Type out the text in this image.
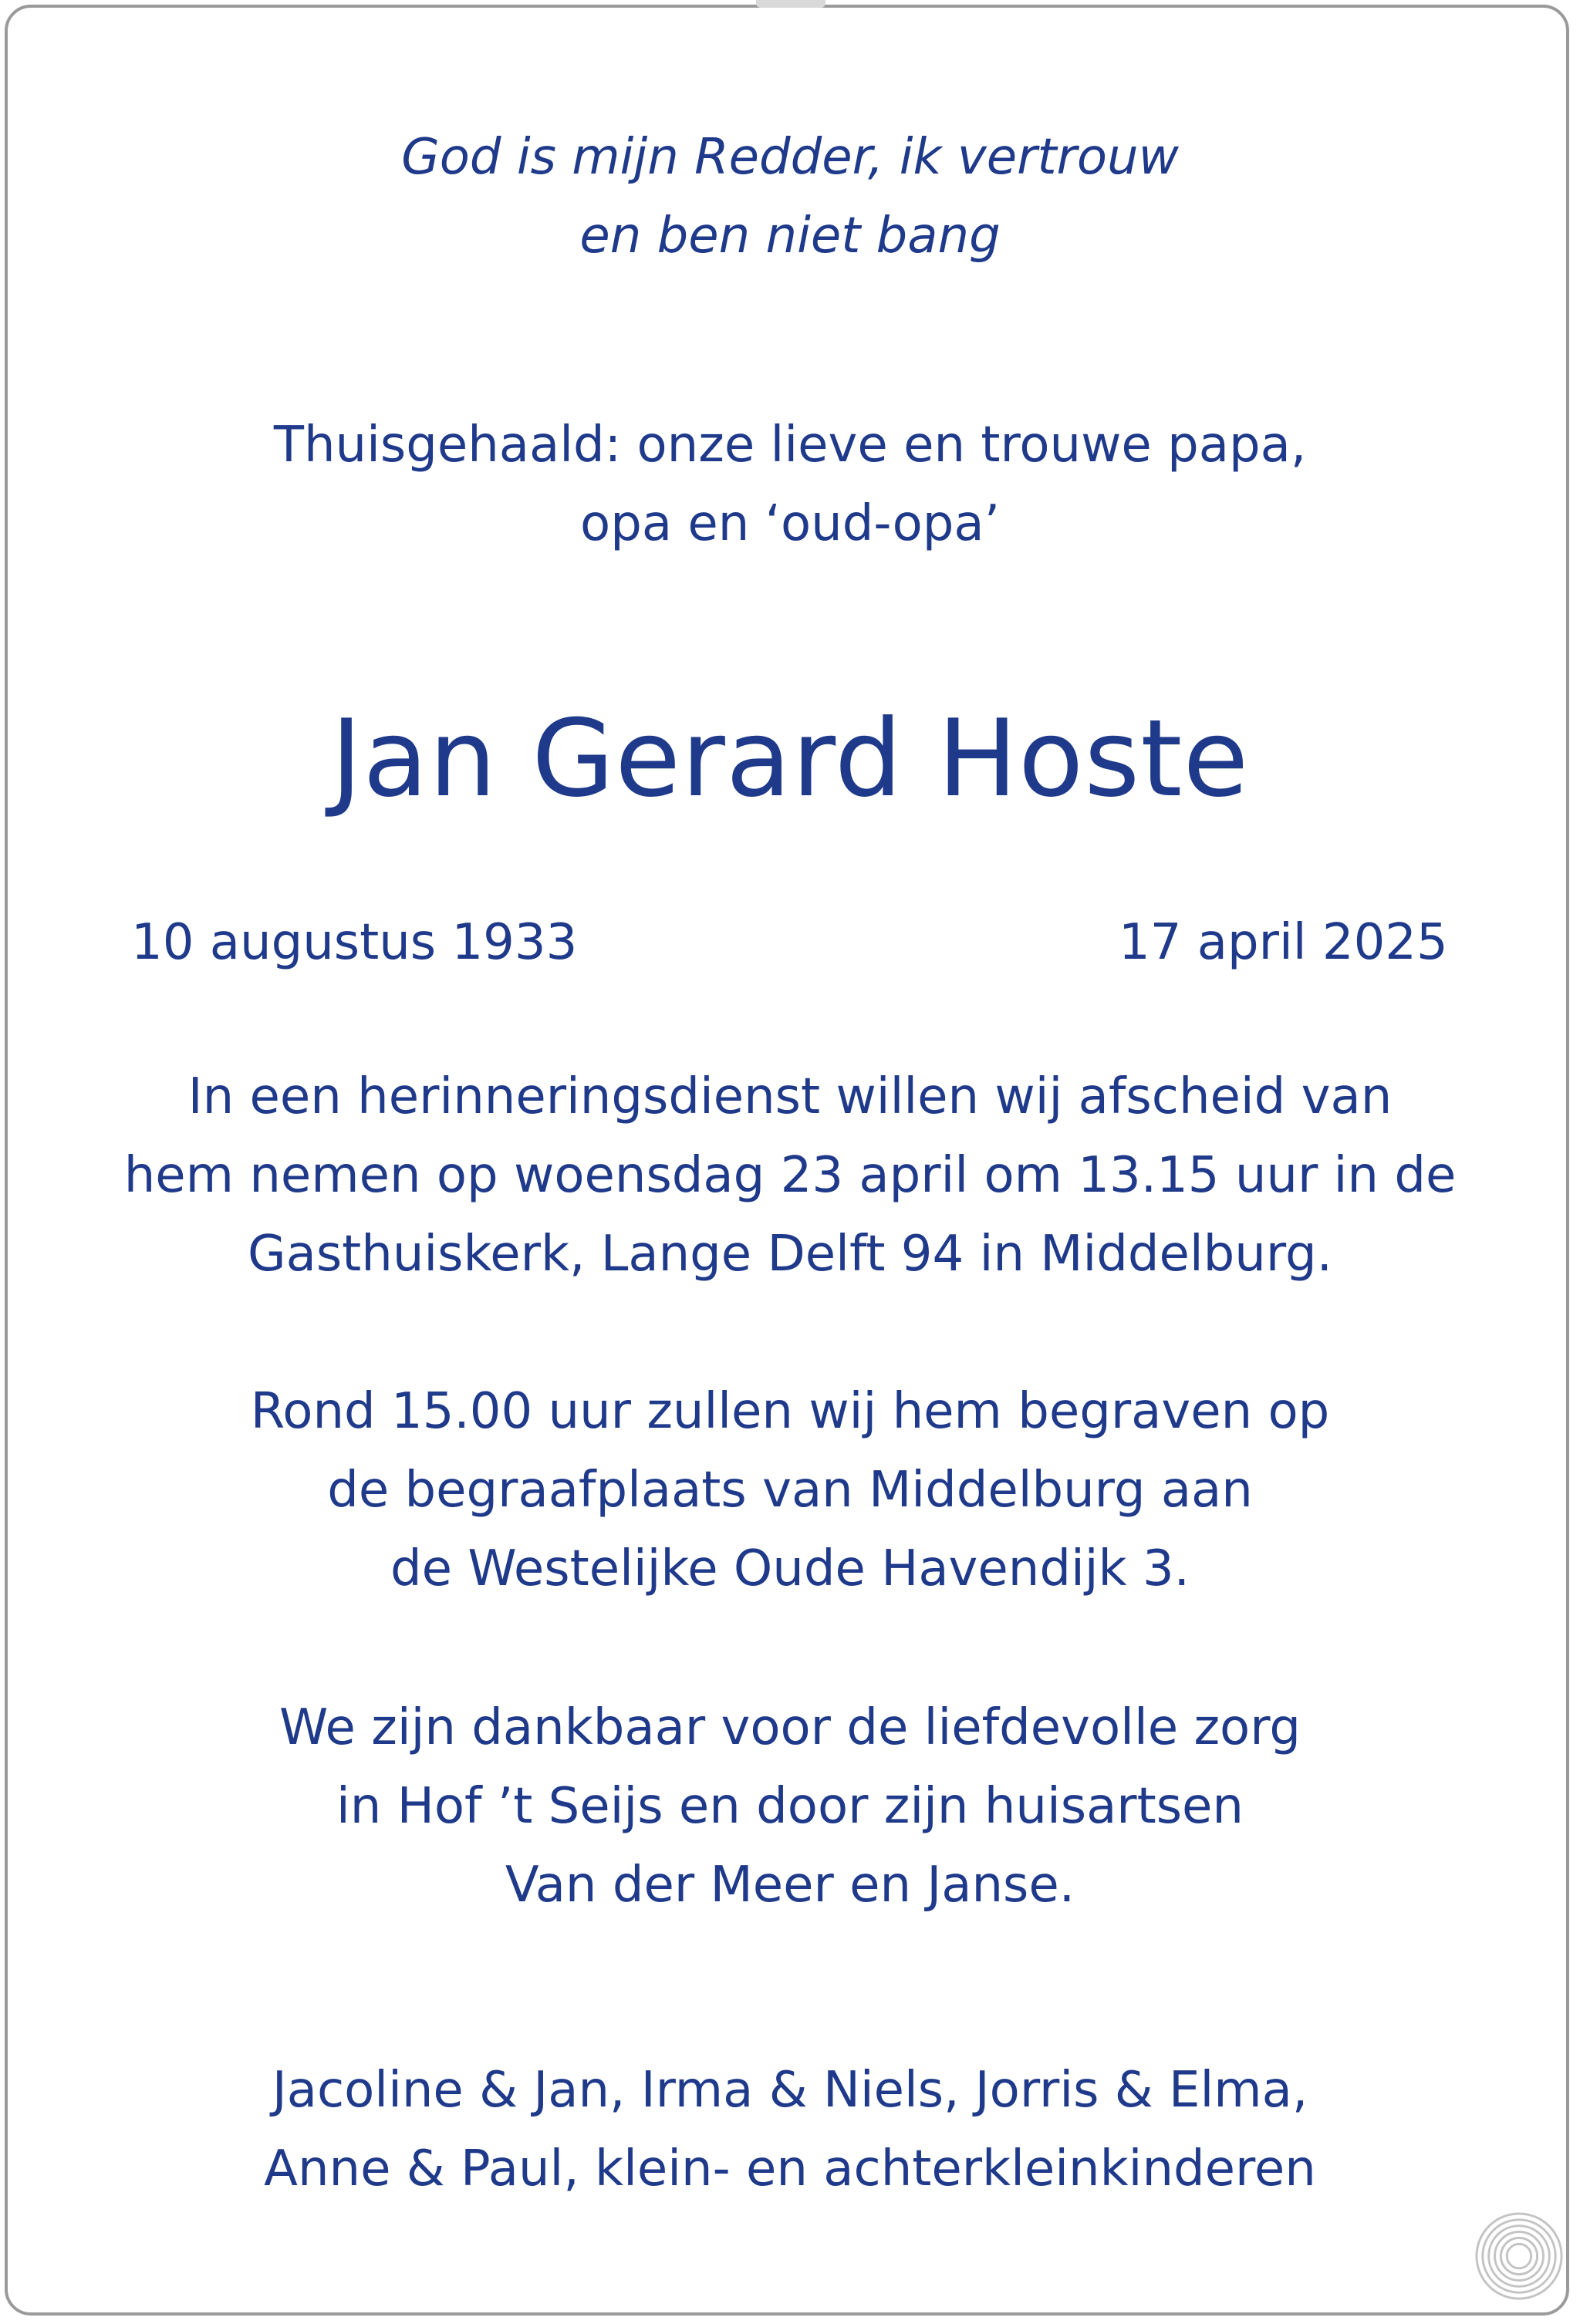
God is mijn Redder, ik vertrouw
en ben niet bang
Thuisgehaald: onze lieve en trouwe papa,
opa en ‘oud-opa’
Jan Gerard Hoste
10 augustus 1933	17 april 2025
In een herinneringsdienst willen wij afscheid van
hem nemen op woensdag 23 april om 13.15 uur in de
Gasthuiskerk, Lange Delft 94 in Middelburg.
Rond 15.00 uur zullen wij hem begraven op
de begraafplaats van Middelburg aan
de Westelijke Oude Havendijk 3.
We zijn dankbaar voor de liefdevolle zorg
in Hof ’t Seijs en door zijn huisartsen
Van der Meer en Janse.
Jacoline & Jan, Irma & Niels, Jorris & Elma,
Anne & Paul, klein- en achterkleinkinderen
